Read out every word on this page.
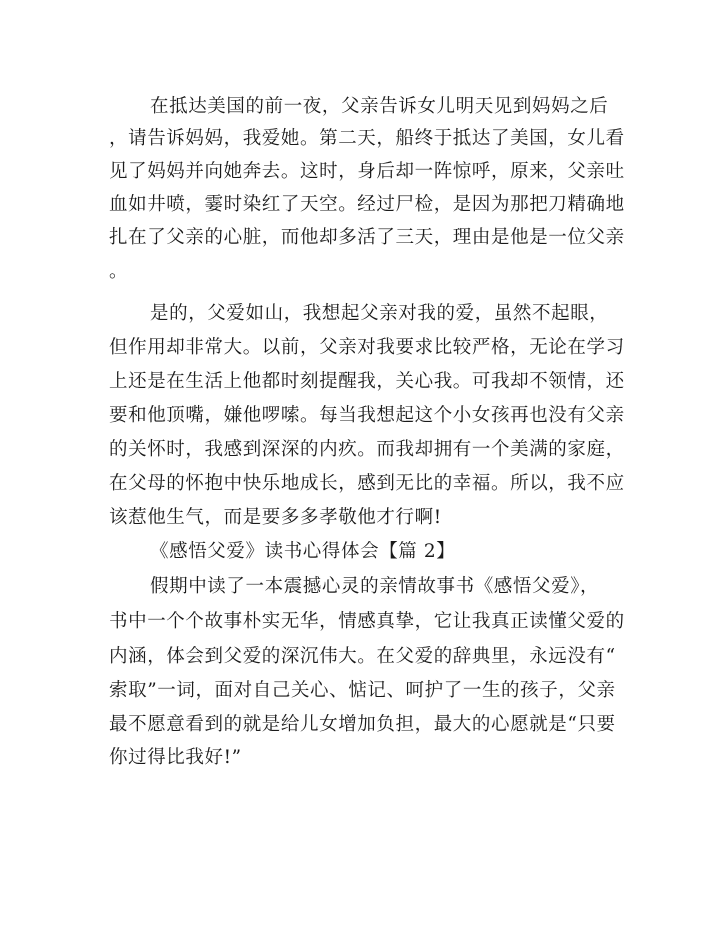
在抵达美国的前一夜，父亲告诉女儿明天见到妈妈之后
，请告诉妈妈，我爱她。第二天，船终于抵达了美国，女儿看
见了妈妈并向她奔去。这时，身后却一阵惊呼，原来，父亲吐
血如井喷，霎时染红了天空。经过尸检，是因为那把刀精确地
扎在了父亲的心脏，而他却多活了三天，理由是他是一位父亲
。
是的，父爱如山，我想起父亲对我的爱，虽然不起眼，
但作用却非常大。以前，父亲对我要求比较严格，无论在学习
上还是在生活上他都时刻提醒我，关心我。可我却不领情，还
要和他顶嘴，嫌他啰嗦。每当我想起这个小女孩再也没有父亲
的关怀时，我感到深深的内疚。而我却拥有一个美满的家庭，
在父母的怀抱中快乐地成长，感到无比的幸福。所以，我不应
该惹他生气，而是要多多孝敬他才行啊!
《感悟父爱》读书心得体会【篇 2】
假期中读了一本震撼心灵的亲情故事书《感悟父爱》，
书中一个个故事朴实无华，情感真挚，它让我真正读懂父爱的
内涵，体会到父爱的深沉伟大。在父爱的辞典里，永远没有“
索取”一词，面对自己关心、惦记、呵护了一生的孩子，父亲
最不愿意看到的就是给儿女增加负担，最大的心愿就是“只要
你过得比我好!”
